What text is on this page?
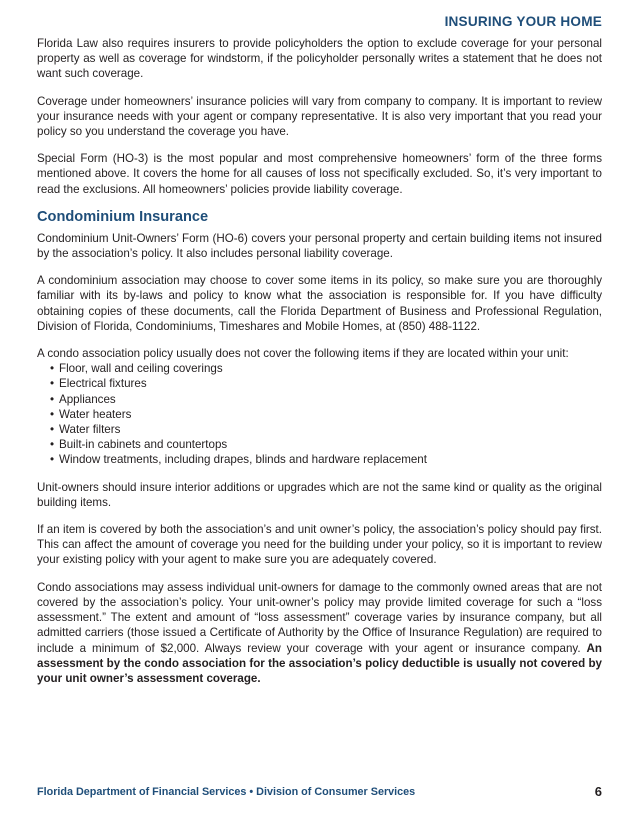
INSURING YOUR HOME

Florida Law also requires insurers to provide policyholders the option to exclude coverage for your personal property as well as coverage for windstorm, if the policyholder personally writes a statement that he does not want such coverage.

Coverage under homeowners’ insurance policies will vary from company to company. It is important to review your insurance needs with your agent or company representative. It is also very important that you read your policy so you understand the coverage you have.

Special Form (HO-3) is the most popular and most comprehensive homeowners’ form of the three forms mentioned above. It covers the home for all causes of loss not specifically excluded. So, it’s very important to read the exclusions. All homeowners’ policies provide liability coverage.

Condominium Insurance

Condominium Unit-Owners’ Form (HO-6) covers your personal property and certain building items not insured by the association’s policy. It also includes personal liability coverage.

A condominium association may choose to cover some items in its policy, so make sure you are thoroughly familiar with its by-laws and policy to know what the association is responsible for. If you have difficulty obtaining copies of these documents, call the Florida Department of Business and Professional Regulation, Division of Florida, Condominiums, Timeshares and Mobile Homes, at (850) 488-1122.

A condo association policy usually does not cover the following items if they are located within your unit:

• Floor, wall and ceiling coverings
• Electrical fixtures
• Appliances
• Water heaters
• Water filters
• Built-in cabinets and countertops
• Window treatments, including drapes, blinds and hardware replacement

Unit-owners should insure interior additions or upgrades which are not the same kind or quality as the original building items.

If an item is covered by both the association’s and unit owner’s policy, the association’s policy should pay first. This can affect the amount of coverage you need for the building under your policy, so it is important to review your existing policy with your agent to make sure you are adequately covered.

Condo associations may assess individual unit-owners for damage to the commonly owned areas that are not covered by the association’s policy. Your unit-owner’s policy may provide limited coverage for such a “loss assessment.” The extent and amount of “loss assessment” coverage varies by insurance company, but all admitted carriers (those issued a Certificate of Authority by the Office of Insurance Regulation) are required to include a minimum of $2,000. Always review your coverage with your agent or insurance company. An assessment by the condo association for the association’s policy deductible is usually not covered by your unit owner’s assessment coverage.

Florida Department of Financial Services • Division of Consumer Services	6
